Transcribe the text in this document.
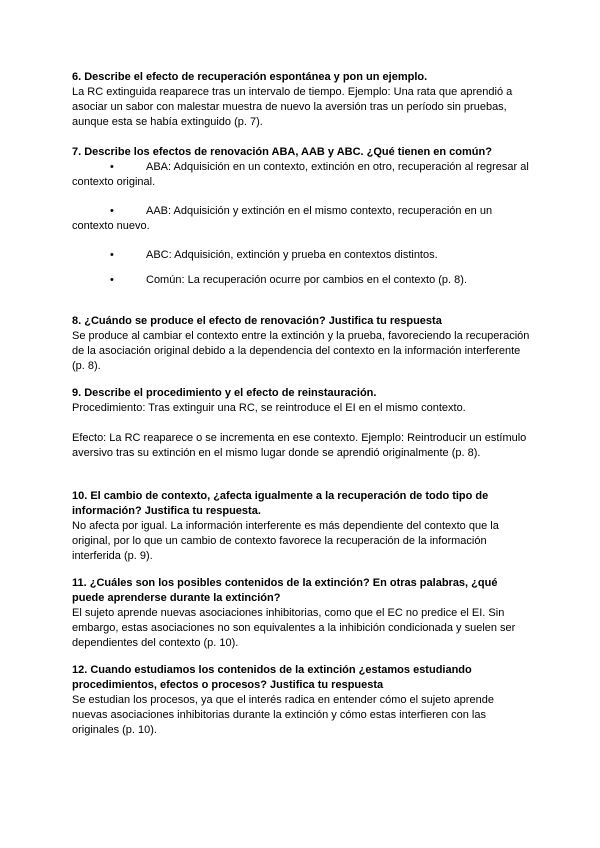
6. Describe el efecto de recuperación espontánea y pon un ejemplo.

La RC extinguida reaparece tras un intervalo de tiempo. Ejemplo: Una rata que aprendió a asociar un sabor con malestar muestra de nuevo la aversión tras un período sin pruebas, aunque esta se había extinguido (p. 7).

7. Describe los efectos de renovación ABA, AAB y ABC. ¿Qué tienen en común?

•	ABA: Adquisición en un contexto, extinción en otro, recuperación al regresar al contexto original.
•	AAB: Adquisición y extinción en el mismo contexto, recuperación en un contexto nuevo.
•	ABC: Adquisición, extinción y prueba en contextos distintos.
•	Común: La recuperación ocurre por cambios en el contexto (p. 8).

8. ¿Cuándo se produce el efecto de renovación? Justifica tu respuesta

Se produce al cambiar el contexto entre la extinción y la prueba, favoreciendo la recuperación de la asociación original debido a la dependencia del contexto en la información interferente (p. 8).

9. Describe el procedimiento y el efecto de reinstauración.

Procedimiento: Tras extinguir una RC, se reintroduce el EI en el mismo contexto.

Efecto: La RC reaparece o se incrementa en ese contexto. Ejemplo: Reintroducir un estímulo aversivo tras su extinción en el mismo lugar donde se aprendió originalmente (p. 8).

10. El cambio de contexto, ¿afecta igualmente a la recuperación de todo tipo de información? Justifica tu respuesta.

No afecta por igual. La información interferente es más dependiente del contexto que la original, por lo que un cambio de contexto favorece la recuperación de la información interferida (p. 9).

11. ¿Cuáles son los posibles contenidos de la extinción? En otras palabras, ¿qué puede aprenderse durante la extinción?

El sujeto aprende nuevas asociaciones inhibitorias, como que el EC no predice el EI. Sin embargo, estas asociaciones no son equivalentes a la inhibición condicionada y suelen ser dependientes del contexto (p. 10).

12. Cuando estudiamos los contenidos de la extinción ¿estamos estudiando procedimientos, efectos o procesos? Justifica tu respuesta

Se estudian los procesos, ya que el interés radica en entender cómo el sujeto aprende nuevas asociaciones inhibitorias durante la extinción y cómo estas interfieren con las originales (p. 10).
